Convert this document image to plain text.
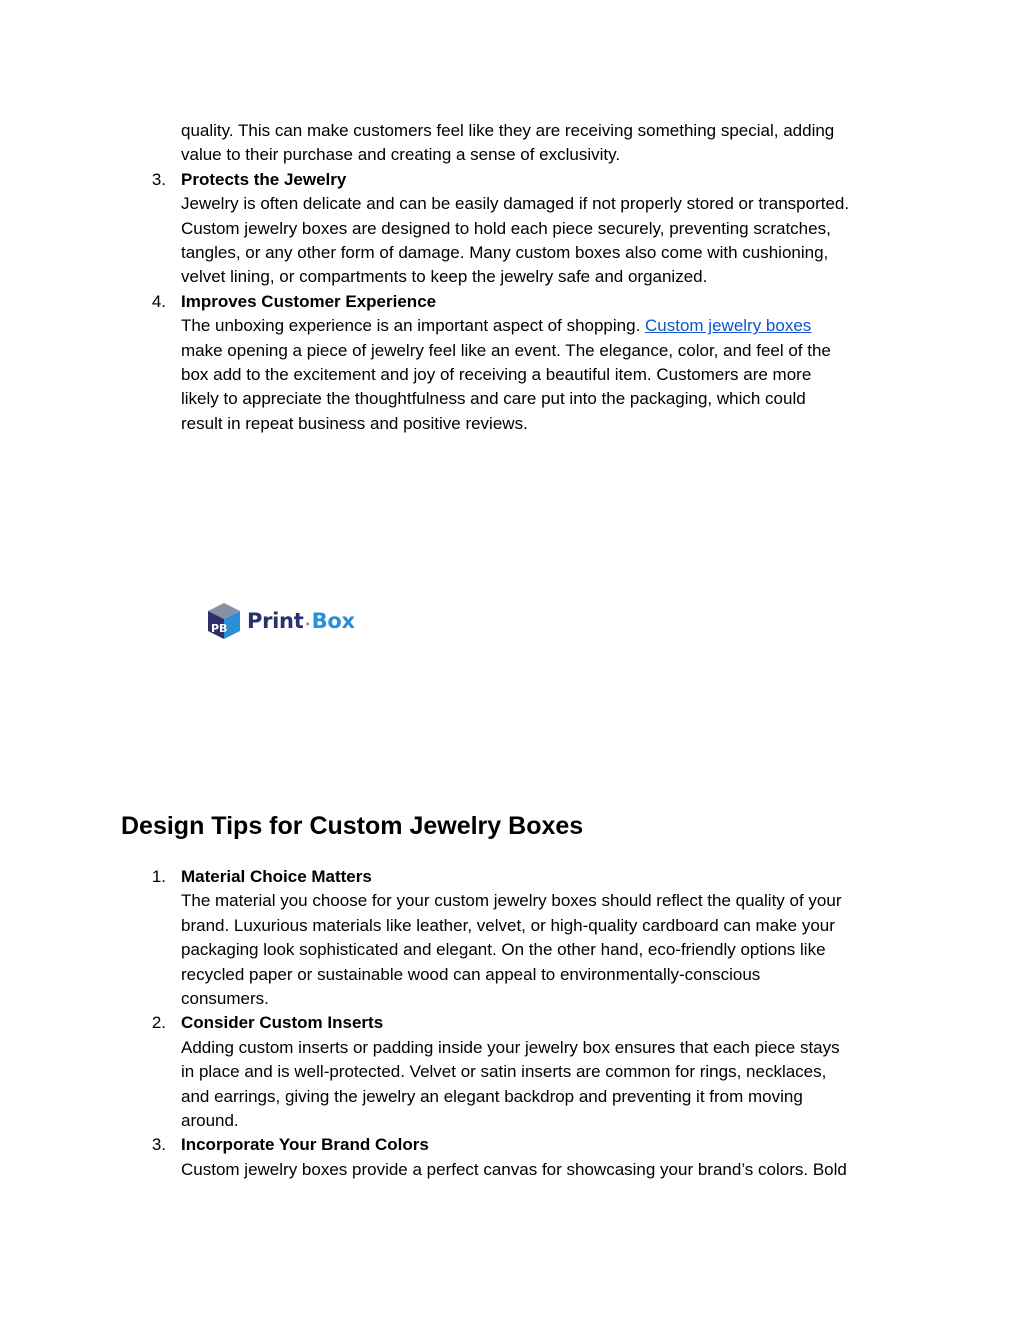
quality. This can make customers feel like they are receiving something special, adding
value to their purchase and creating a sense of exclusivity.
3. Protects the Jewelry
Jewelry is often delicate and can be easily damaged if not properly stored or transported.
Custom jewelry boxes are designed to hold each piece securely, preventing scratches,
tangles, or any other form of damage. Many custom boxes also come with cushioning,
velvet lining, or compartments to keep the jewelry safe and organized.
4. Improves Customer Experience
The unboxing experience is an important aspect of shopping. Custom jewelry boxes
make opening a piece of jewelry feel like an event. The elegance, color, and feel of the
box add to the excitement and joy of receiving a beautiful item. Customers are more
likely to appreciate the thoughtfulness and care put into the packaging, which could
result in repeat business and positive reviews.
PB Print•Box
Design Tips for Custom Jewelry Boxes
1. Material Choice Matters
The material you choose for your custom jewelry boxes should reflect the quality of your
brand. Luxurious materials like leather, velvet, or high-quality cardboard can make your
packaging look sophisticated and elegant. On the other hand, eco-friendly options like
recycled paper or sustainable wood can appeal to environmentally-conscious
consumers.
2. Consider Custom Inserts
Adding custom inserts or padding inside your jewelry box ensures that each piece stays
in place and is well-protected. Velvet or satin inserts are common for rings, necklaces,
and earrings, giving the jewelry an elegant backdrop and preventing it from moving
around.
3. Incorporate Your Brand Colors
Custom jewelry boxes provide a perfect canvas for showcasing your brand’s colors. Bold
